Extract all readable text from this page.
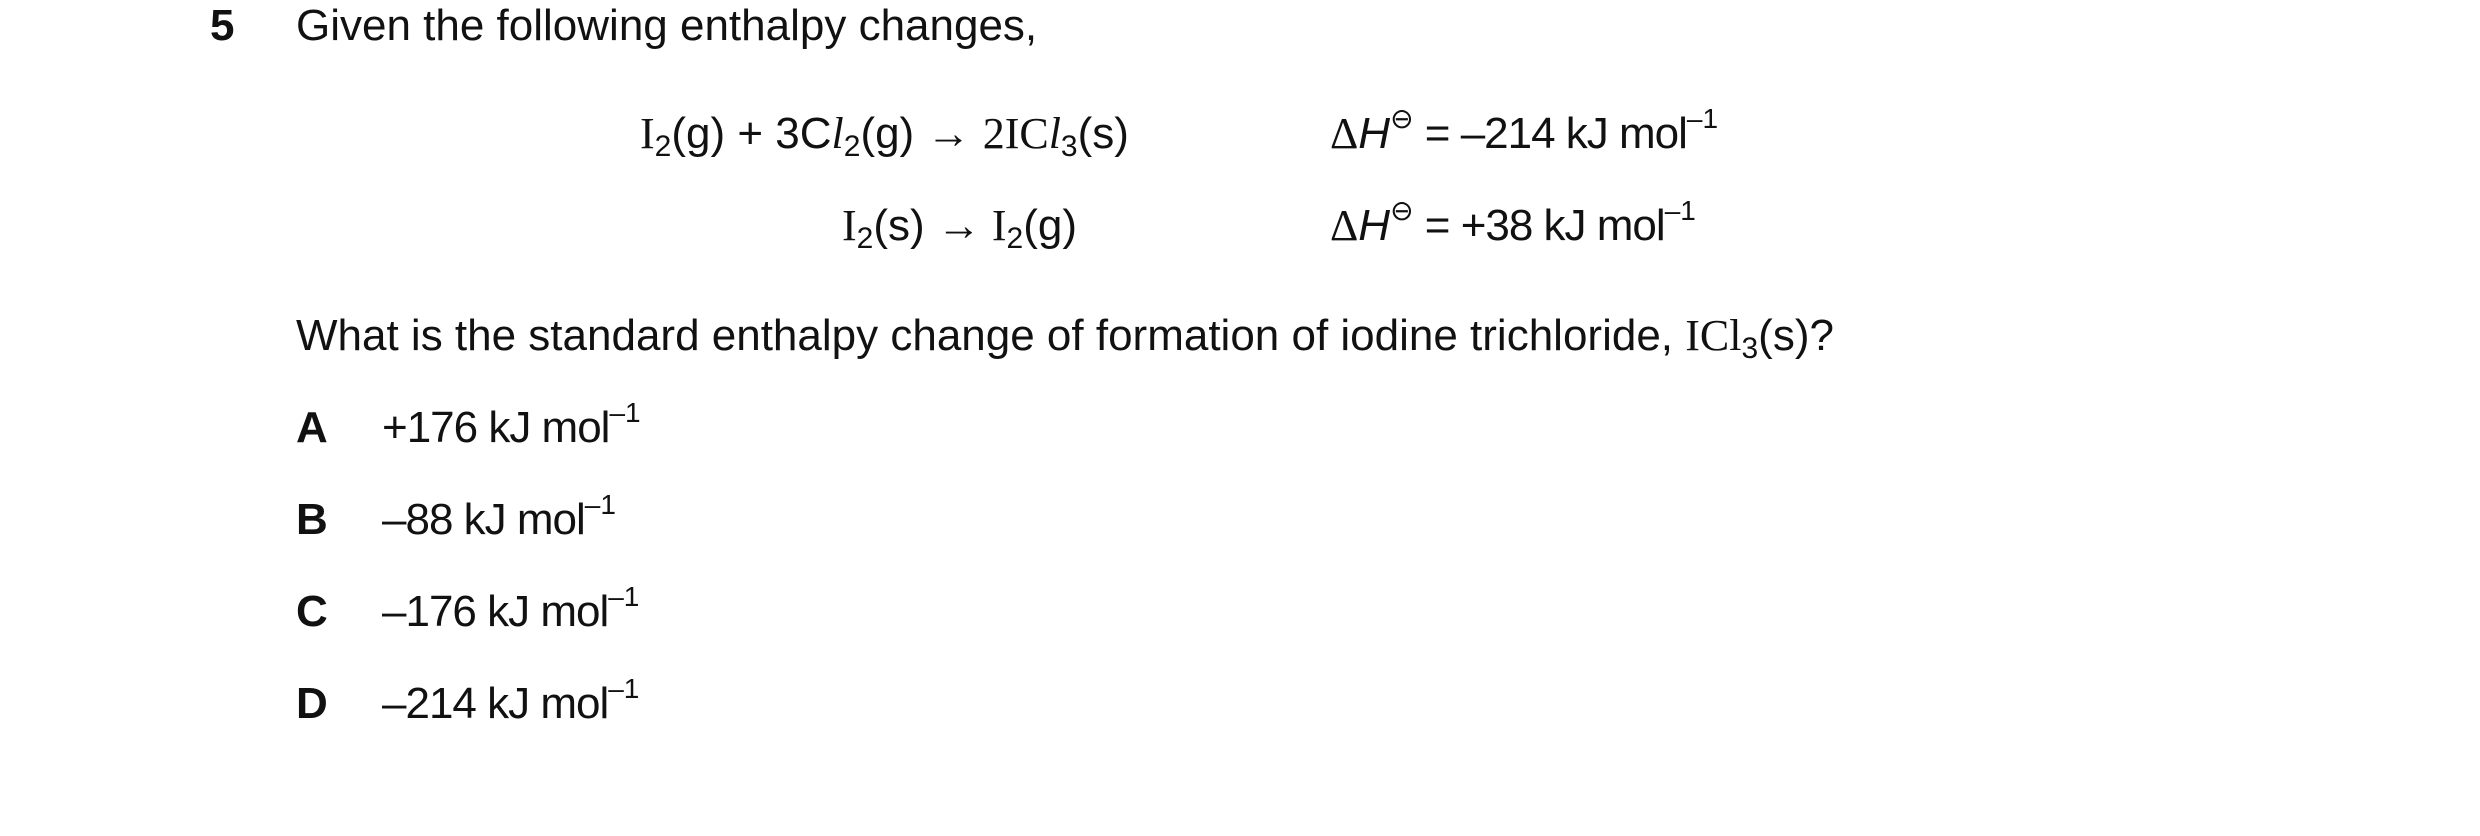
5 Given the following enthalpy changes,
$I_2(g) + 3Cl_2(g) \to 2ICl_3(s)$	ΔH⊖ = –214 kJ mol$^{-1}$
$I_2(s) \to I_2(g)$	ΔH⊖ = +38 kJ mol$^{-1}$
What is the standard enthalpy change of formation of iodine trichloride, ICl$_3$(s)?
A +176 kJ mol$^{-1}$
B –88 kJ mol$^{-1}$
C –176 kJ mol$^{-1}$
D –214 kJ mol$^{-1}$
